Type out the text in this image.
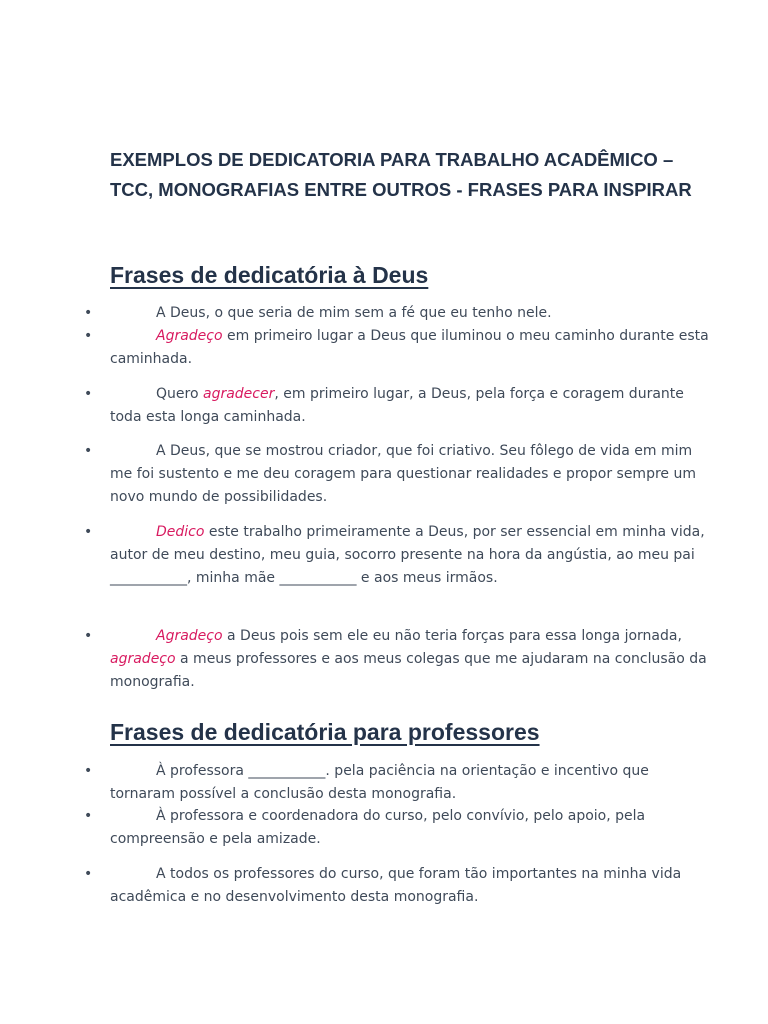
EXEMPLOS DE DEDICATORIA PARA TRABALHO ACADÊMICO – TCC, MONOGRAFIAS ENTRE OUTROS - FRASES PARA INSPIRAR
Frases de dedicatória à Deus

•	A Deus, o que seria de mim sem a fé que eu tenho nele.

•	Agradeço em primeiro lugar a Deus que iluminou o meu caminho durante esta caminhada.

•	Quero agradecer, em primeiro lugar, a Deus, pela força e coragem durante toda esta longa caminhada.

•	A Deus, que se mostrou criador, que foi criativo. Seu fôlego de vida em mim me foi sustento e me deu coragem para questionar realidades e propor sempre um novo mundo de possibilidades.

•	Dedico este trabalho primeiramente a Deus, por ser essencial em minha vida, autor de meu destino, meu guia, socorro presente na hora da angústia, ao meu pai ___________, minha mãe ___________ e aos meus irmãos.

•	Agradeço a Deus pois sem ele eu não teria forças para essa longa jornada, agradeço a meus professores e aos meus colegas que me ajudaram na conclusão da monografia.

Frases de dedicatória para professores

•	À professora ___________. pela paciência na orientação e incentivo que tornaram possível a conclusão desta monografia.

•	À professora e coordenadora do curso, pelo convívio, pelo apoio, pela compreensão e pela amizade.

•	A todos os professores do curso, que foram tão importantes na minha vida acadêmica e no desenvolvimento desta monografia.
